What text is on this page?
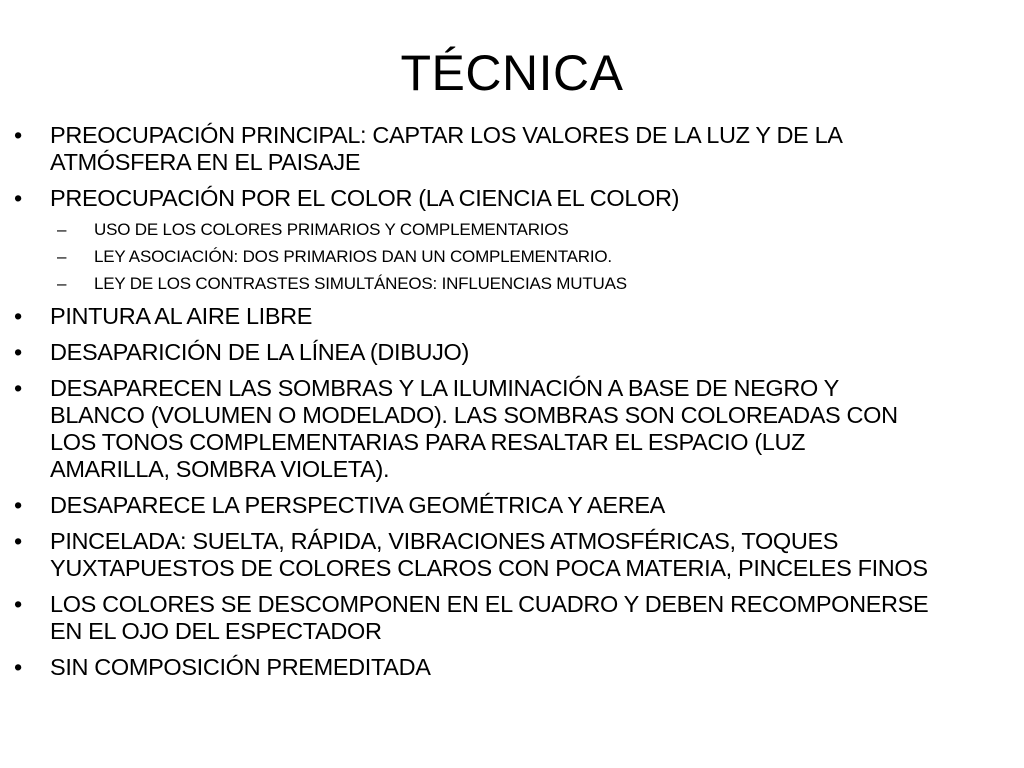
TÉCNICA
•	PREOCUPACIÓN PRINCIPAL: CAPTAR LOS VALORES DE LA LUZ Y DE LA
ATMÓSFERA EN EL PAISAJE
•	PREOCUPACIÓN POR EL COLOR (LA CIENCIA EL COLOR)
– USO DE LOS COLORES PRIMARIOS Y COMPLEMENTARIOS
– LEY ASOCIACIÓN: DOS PRIMARIOS DAN UN COMPLEMENTARIO.
– LEY DE LOS CONTRASTES SIMULTÁNEOS: INFLUENCIAS MUTUAS
•	PINTURA AL AIRE LIBRE
•	DESAPARICIÓN DE LA LÍNEA (DIBUJO)
•	DESAPARECEN LAS SOMBRAS Y LA ILUMINACIÓN A BASE DE NEGRO Y
BLANCO (VOLUMEN O MODELADO). LAS SOMBRAS SON COLOREADAS CON
LOS TONOS COMPLEMENTARIAS PARA RESALTAR EL ESPACIO (LUZ
AMARILLA, SOMBRA VIOLETA).
•	DESAPARECE LA PERSPECTIVA GEOMÉTRICA Y AEREA
•	PINCELADA: SUELTA, RÁPIDA, VIBRACIONES ATMOSFÉRICAS, TOQUES
YUXTAPUESTOS DE COLORES CLAROS CON POCA MATERIA, PINCELES FINOS
•	LOS COLORES SE DESCOMPONEN EN EL CUADRO Y DEBEN RECOMPONERSE
EN EL OJO DEL ESPECTADOR
•	SIN COMPOSICIÓN PREMEDITADA
